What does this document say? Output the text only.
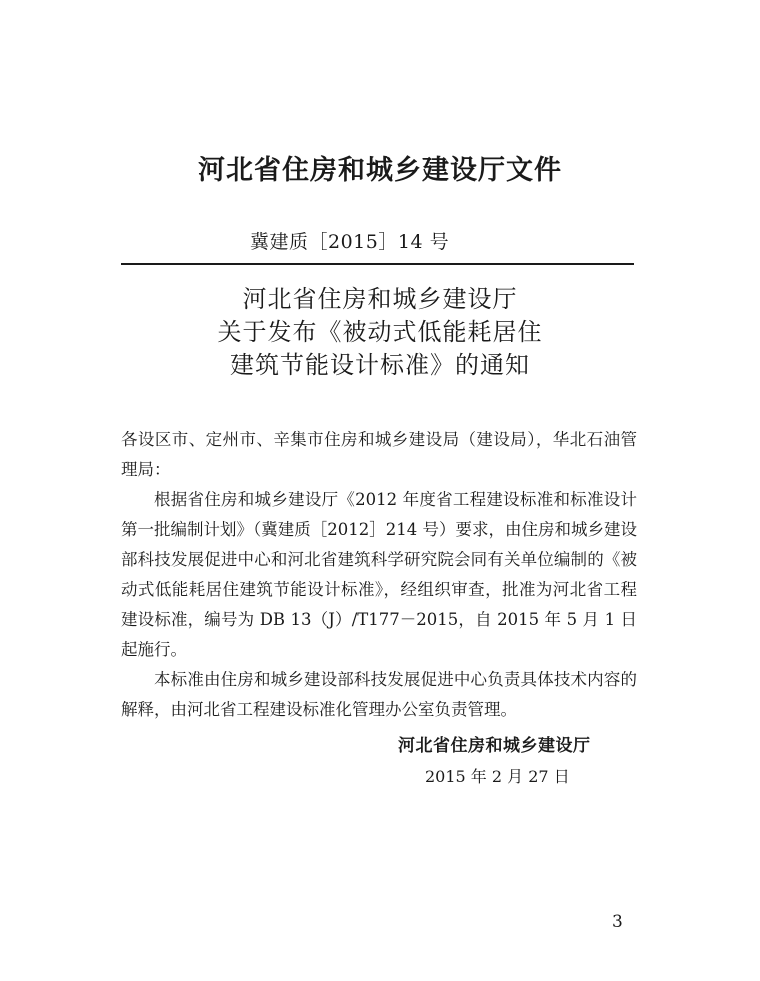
河北省住房和城乡建设厅文件
冀建质［2015］14 号
河北省住房和城乡建设厅
关于发布《被动式低能耗居住
建筑节能设计标准》的通知

各设区市、定州市、辛集市住房和城乡建设局（建设局），华北石油管理局：

根据省住房和城乡建设厅《2012 年度省工程建设标准和标准设计第一批编制计划》（冀建质［2012］214 号）要求，由住房和城乡建设部科技发展促进中心和河北省建筑科学研究院会同有关单位编制的《被动式低能耗居住建筑节能设计标准》，经组织审查，批准为河北省工程建设标准，编号为 DB 13（J）/T177－2015，自 2015 年 5 月 1 日起施行。

本标准由住房和城乡建设部科技发展促进中心负责具体技术内容的解释，由河北省工程建设标准化管理办公室负责管理。

河北省住房和城乡建设厅
2015 年 2 月 27 日
3
